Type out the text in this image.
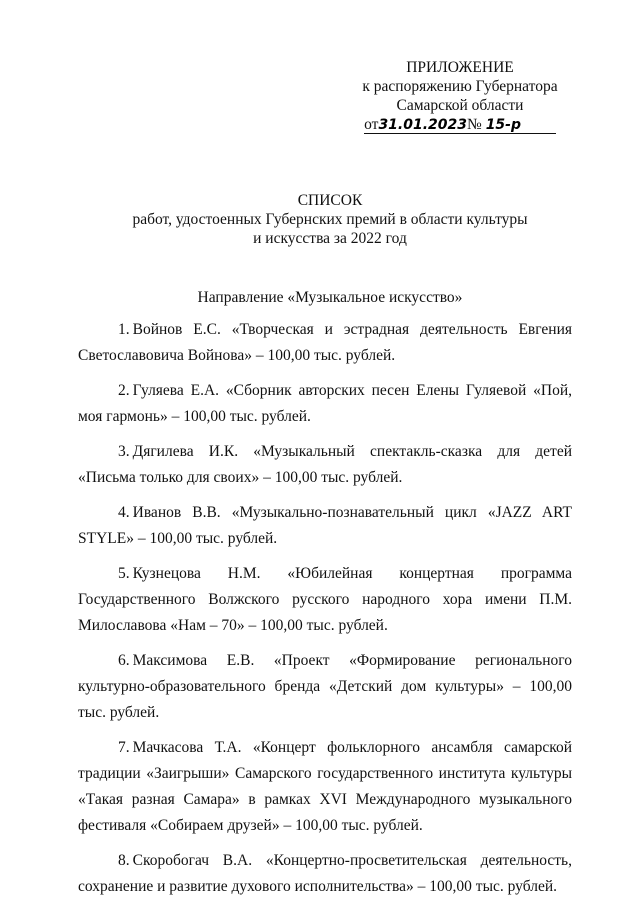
ПРИЛОЖЕНИЕ
к распоряжению Губернатора
Самарской области
от31.01.2023№ 15-р
СПИСОК
работ, удостоенных Губернских премий в области культуры
и искусства за 2022 год
Направление «Музыкальное искусство»
1. Войнов Е.С. «Творческая и эстрадная деятельность Евгения Светославовича Войнова» – 100,00 тыс. рублей.
2. Гуляева Е.А. «Сборник авторских песен Елены Гуляевой «Пой, моя гармонь» – 100,00 тыс. рублей.
3. Дягилева И.К. «Музыкальный спектакль-сказка для детей «Письма только для своих» – 100,00 тыс. рублей.
4. Иванов В.В. «Музыкально-познавательный цикл «JAZZ ART STYLE» – 100,00 тыс. рублей.
5. Кузнецова Н.М. «Юбилейная концертная программа Государственного Волжского русского народного хора имени П.М. Милославова «Нам – 70» – 100,00 тыс. рублей.
6. Максимова Е.В. «Проект «Формирование регионального культурно-образовательного бренда «Детский дом культуры» – 100,00 тыс. рублей.
7. Мачкасова Т.А. «Концерт фольклорного ансамбля самарской традиции «Заигрыши» Самарского государственного института культуры «Такая разная Самара» в рамках XVI Международного музыкального фестиваля «Собираем друзей» – 100,00 тыс. рублей.
8. Скоробогач В.А. «Концертно-просветительская деятельность, сохранение и развитие духового исполнительства» – 100,00 тыс. рублей.
